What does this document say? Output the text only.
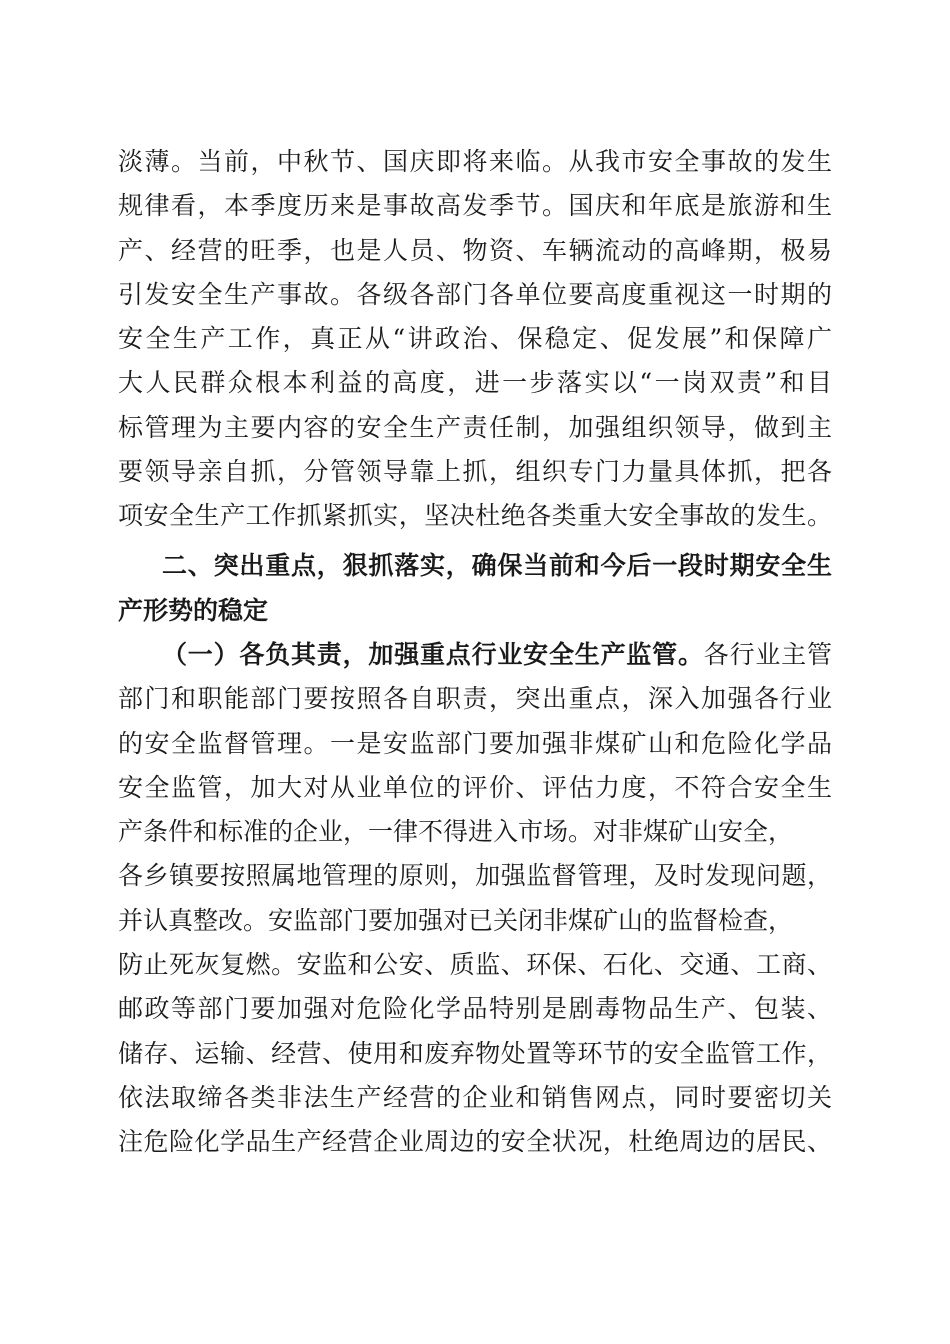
淡薄。当前，中秋节、国庆即将来临。从我市安全事故的发生
规律看，本季度历来是事故高发季节。国庆和年底是旅游和生
产、经营的旺季，也是人员、物资、车辆流动的高峰期，极易
引发安全生产事故。各级各部门各单位要高度重视这一时期的
安全生产工作，真正从“讲政治、保稳定、促发展”和保障广
大人民群众根本利益的高度，进一步落实以“一岗双责”和目
标管理为主要内容的安全生产责任制，加强组织领导，做到主
要领导亲自抓，分管领导靠上抓，组织专门力量具体抓，把各
项安全生产工作抓紧抓实，坚决杜绝各类重大安全事故的发生。
二、突出重点，狠抓落实，确保当前和今后一段时期安全生
产形势的稳定
（一）各负其责，加强重点行业安全生产监管。各行业主管
部门和职能部门要按照各自职责，突出重点，深入加强各行业
的安全监督管理。一是安监部门要加强非煤矿山和危险化学品
安全监管，加大对从业单位的评价、评估力度，不符合安全生
产条件和标准的企业，一律不得进入市场。对非煤矿山安全，
各乡镇要按照属地管理的原则，加强监督管理，及时发现问题，
并认真整改。安监部门要加强对已关闭非煤矿山的监督检查，
防止死灰复燃。安监和公安、质监、环保、石化、交通、工商、
邮政等部门要加强对危险化学品特别是剧毒物品生产、包装、
储存、运输、经营、使用和废弃物处置等环节的安全监管工作，
依法取缔各类非法生产经营的企业和销售网点，同时要密切关
注危险化学品生产经营企业周边的安全状况，杜绝周边的居民、
